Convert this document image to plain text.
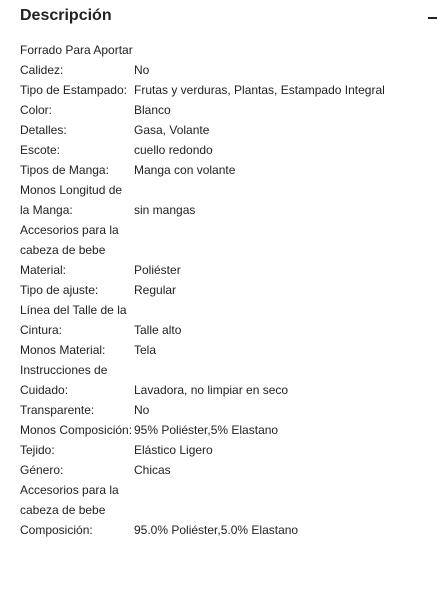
Descripción
Forrado Para Aportar Calidez:	No
Tipo de Estampado: Frutas y verduras, Plantas, Estampado Integral
Color:	Blanco
Detalles:	Gasa, Volante
Escote:	cuello redondo
Tipos de Manga:	Manga con volante
Monos Longitud de la Manga:	sin mangas
Accesorios para la cabeza de bebe Material:	Poliéster
Tipo de ajuste:	Regular
Línea del Talle de la Cintura:	Talle alto
Monos Material:	Tela
Instrucciones de Cuidado:	Lavadora, no limpiar en seco
Transparente:	No
Monos Composición: 95% Poliéster,5% Elastano
Tejido:	Elástico Ligero
Género:	Chicas
Accesorios para la cabeza de bebe Composición:	95.0% Poliéster,5.0% Elastano
